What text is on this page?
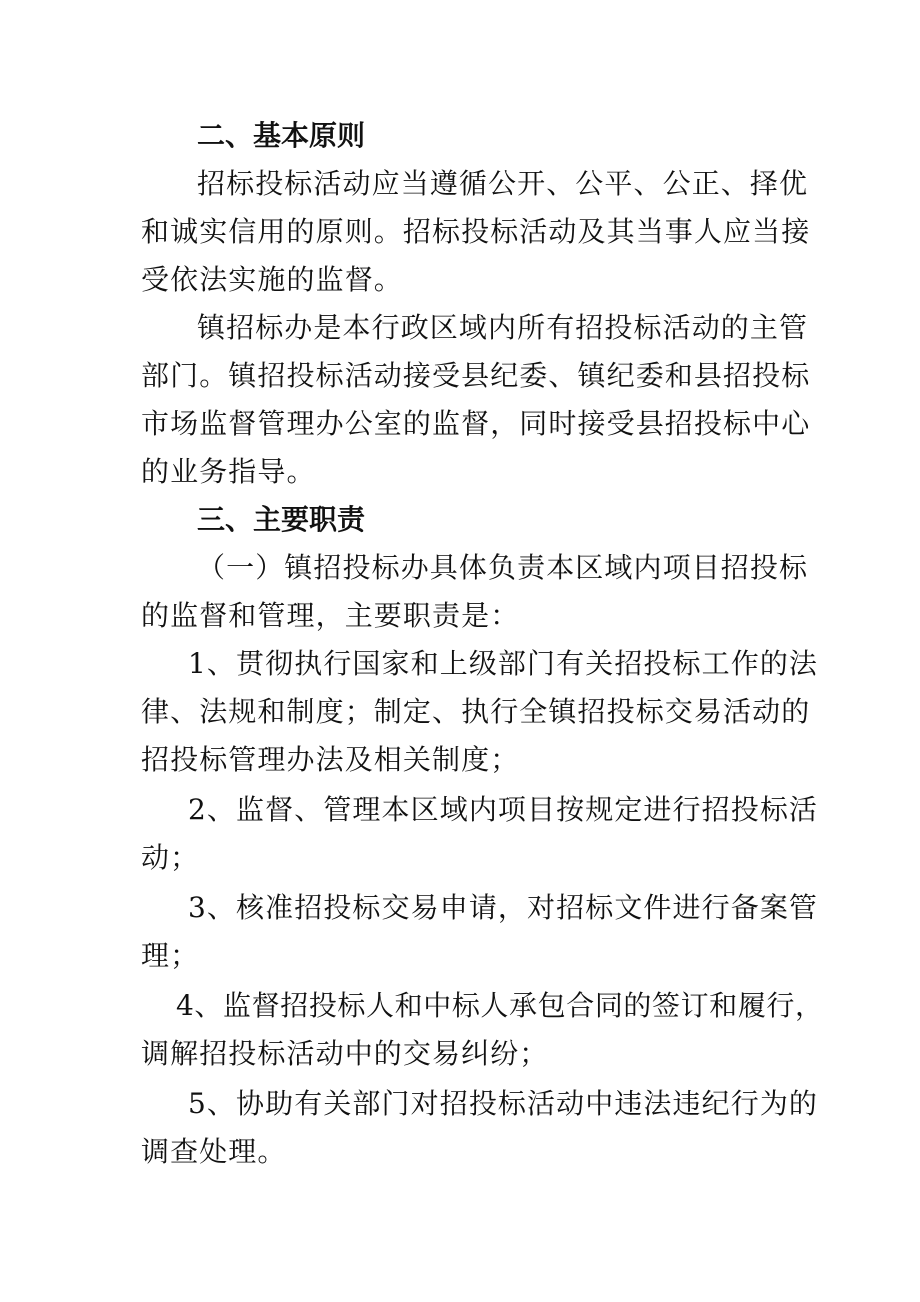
二、基本原则
招标投标活动应当遵循公开、公平、公正、择优
和诚实信用的原则。招标投标活动及其当事人应当接
受依法实施的监督。
镇招标办是本行政区域内所有招投标活动的主管
部门。镇招投标活动接受县纪委、镇纪委和县招投标
市场监督管理办公室的监督，同时接受县招投标中心
的业务指导。
三、主要职责
（一）镇招投标办具体负责本区域内项目招投标
的监督和管理，主要职责是：
1、贯彻执行国家和上级部门有关招投标工作的法
律、法规和制度；制定、执行全镇招投标交易活动的
招投标管理办法及相关制度；
2、监督、管理本区域内项目按规定进行招投标活
动；
3、核准招投标交易申请，对招标文件进行备案管
理；
4、监督招投标人和中标人承包合同的签订和履行，
调解招投标活动中的交易纠纷；
5、协助有关部门对招投标活动中违法违纪行为的
调查处理。
